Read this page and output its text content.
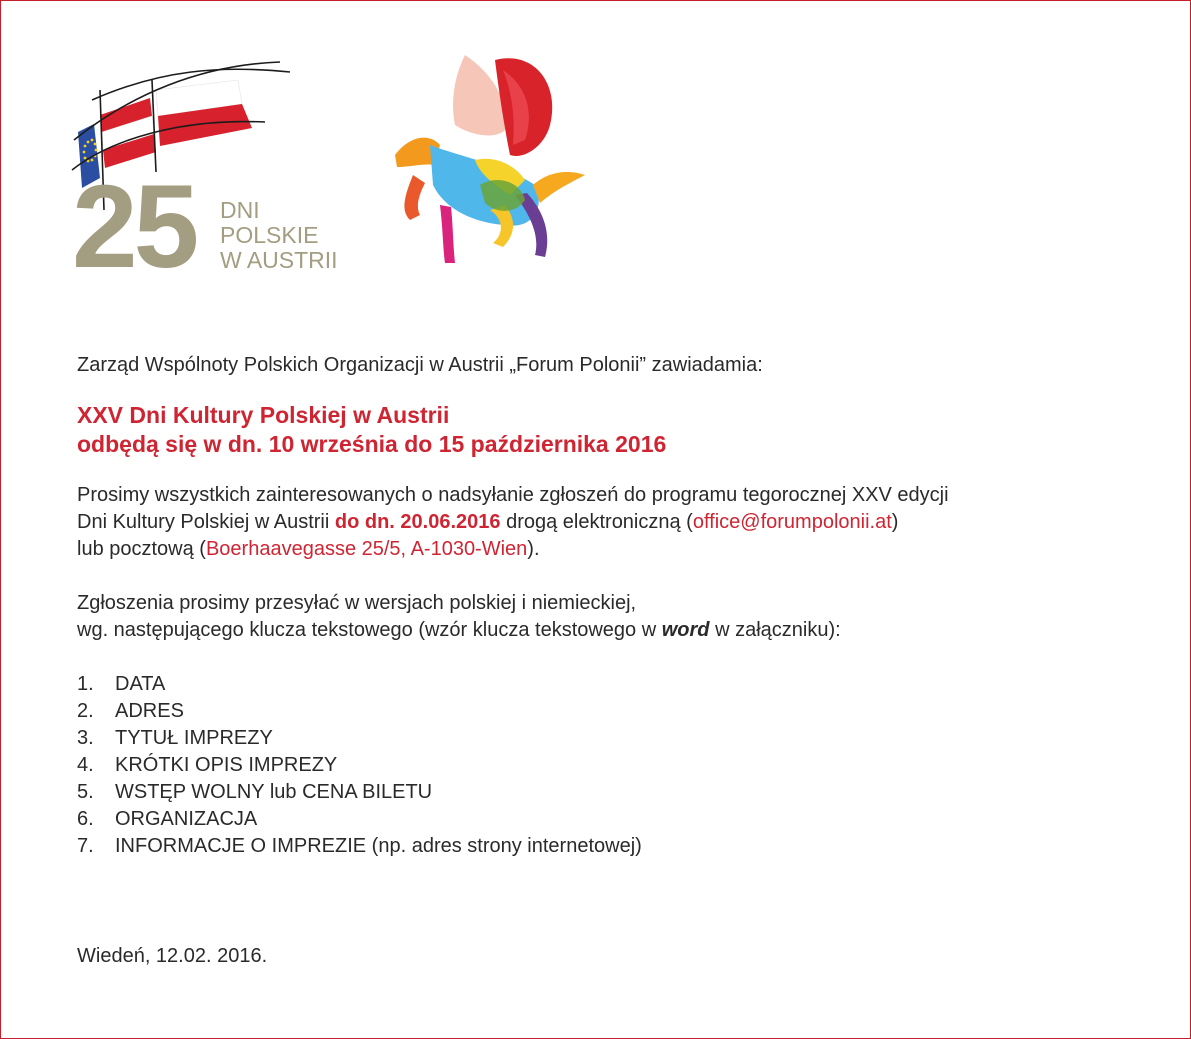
25 DNI
POLSKIE
W AUSTRII

Zarząd Wspólnoty Polskich Organizacji w Austrii „Forum Polonii” zawiadamia:

XXV Dni Kultury Polskiej w Austrii
odbędą się w dn. 10 września do 15 października 2016
Prosimy wszystkich zainteresowanych o nadsyłanie zgłoszeń do programu tegorocznej XXV edycji
Dni Kultury Polskiej w Austrii do dn. 20.06.2016 drogą elektroniczną (office@forumpolonii.at)
lub pocztową (Boerhaavegasse 25/5, A-1030-Wien).
Zgłoszenia prosimy przesyłać w wersjach polskiej i niemieckiej,
wg. następującego klucza tekstowego (wzór klucza tekstowego w word w załączniku):
1.	DATA
2.	ADRES
3.	TYTUŁ IMPREZY
4.	KRÓTKI OPIS IMPREZY
5.	WSTĘP WOLNY lub CENA BILETU
6.	ORGANIZACJA
7.	INFORMACJE O IMPREZIE (np. adres strony internetowej)
Wiedeń, 12.02. 2016.
